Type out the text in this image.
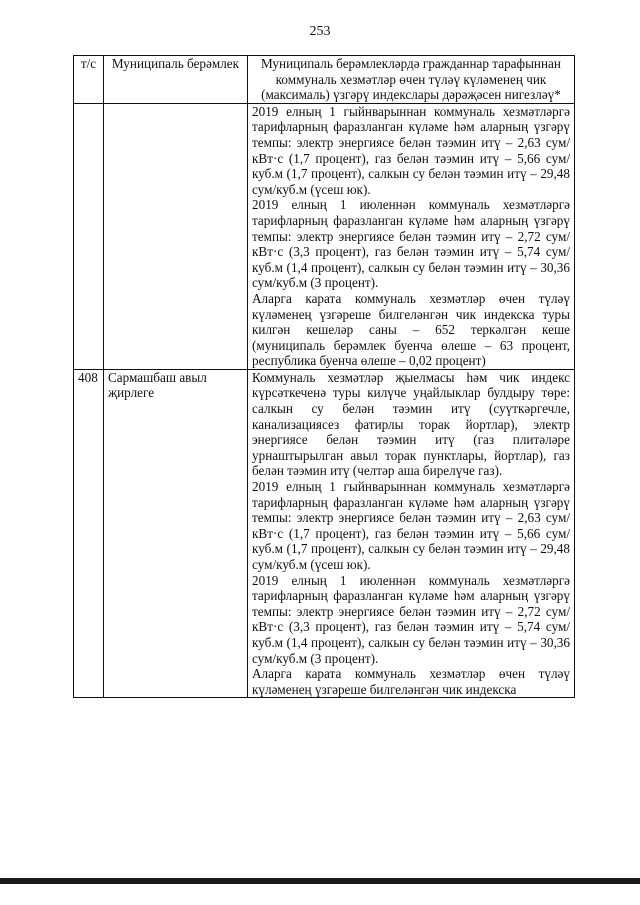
253
т/с	Муниципаль берәмлек	Муниципаль берәмлекләрдә гражданнар тарафыннан коммуналь хезмәтләр өчен түләү күләменең чик (максималь) үзгәрү индекслары дәрәҗәсен нигезләү*

		2019 елның 1 гыйнварыннан коммуналь хезмәтләргә тарифларның фаразланган күләме һәм аларның үзгәрү темпы: электр энергиясе белән тәэмин итү – 2,63 сум/кВт·с (1,7 процент), газ белән тәэмин итү – 5,66 сум/куб.м (1,7 процент), салкын су белән тәэмин итү – 29,48 сум/куб.м (үсеш юк).

2019 елның 1 июленнән коммуналь хезмәтләргә тарифларның фаразланган күләме һәм аларның үзгәрү темпы: электр энергиясе белән тәэмин итү – 2,72 сум/кВт·с (3,3 процент), газ белән тәэмин итү – 5,74 сум/куб.м (1,4 процент), салкын су белән тәэмин итү – 30,36 сум/куб.м (3 процент).

Аларга карата коммуналь хезмәтләр өчен түләү күләменең үзгәреше билгеләнгән чик индекска туры килгән кешеләр саны – 652 теркәлгән кеше (муниципаль берәмлек буенча өлеше – 63 процент, республика буенча өлеше – 0,02 процент)

408	Сармашбаш авыл җирлеге	Коммуналь хезмәтләр җыелмасы һәм чик индекс күрсәткеченә туры килүче уңайлыклар булдыру төре: салкын су белән тәэмин итү (суүткәргечле, канализациясез фатирлы торак йортлар), электр энергиясе белән тәэмин итү (газ плитәләре урнаштырылган авыл торак пунктлары, йортлар), газ белән тәэмин итү (челтәр аша бирелүче газ).

2019 елның 1 гыйнварыннан коммуналь хезмәтләргә тарифларның фаразланган күләме һәм аларның үзгәрү темпы: электр энергиясе белән тәэмин итү – 2,63 сум/кВт·с (1,7 процент), газ белән тәэмин итү – 5,66 сум/куб.м (1,7 процент), салкын су белән тәэмин итү – 29,48 сум/куб.м (үсеш юк).

2019 елның 1 июленнән коммуналь хезмәтләргә тарифларның фаразланган күләме һәм аларның үзгәрү темпы: электр энергиясе белән тәэмин итү – 2,72 сум/кВт·с (3,3 процент), газ белән тәэмин итү – 5,74 сум/куб.м (1,4 процент), салкын су белән тәэмин итү – 30,36 сум/куб.м (3 процент).

Аларга карата коммуналь хезмәтләр өчен түләү күләменең үзгәреше билгеләнгән чик индекска
